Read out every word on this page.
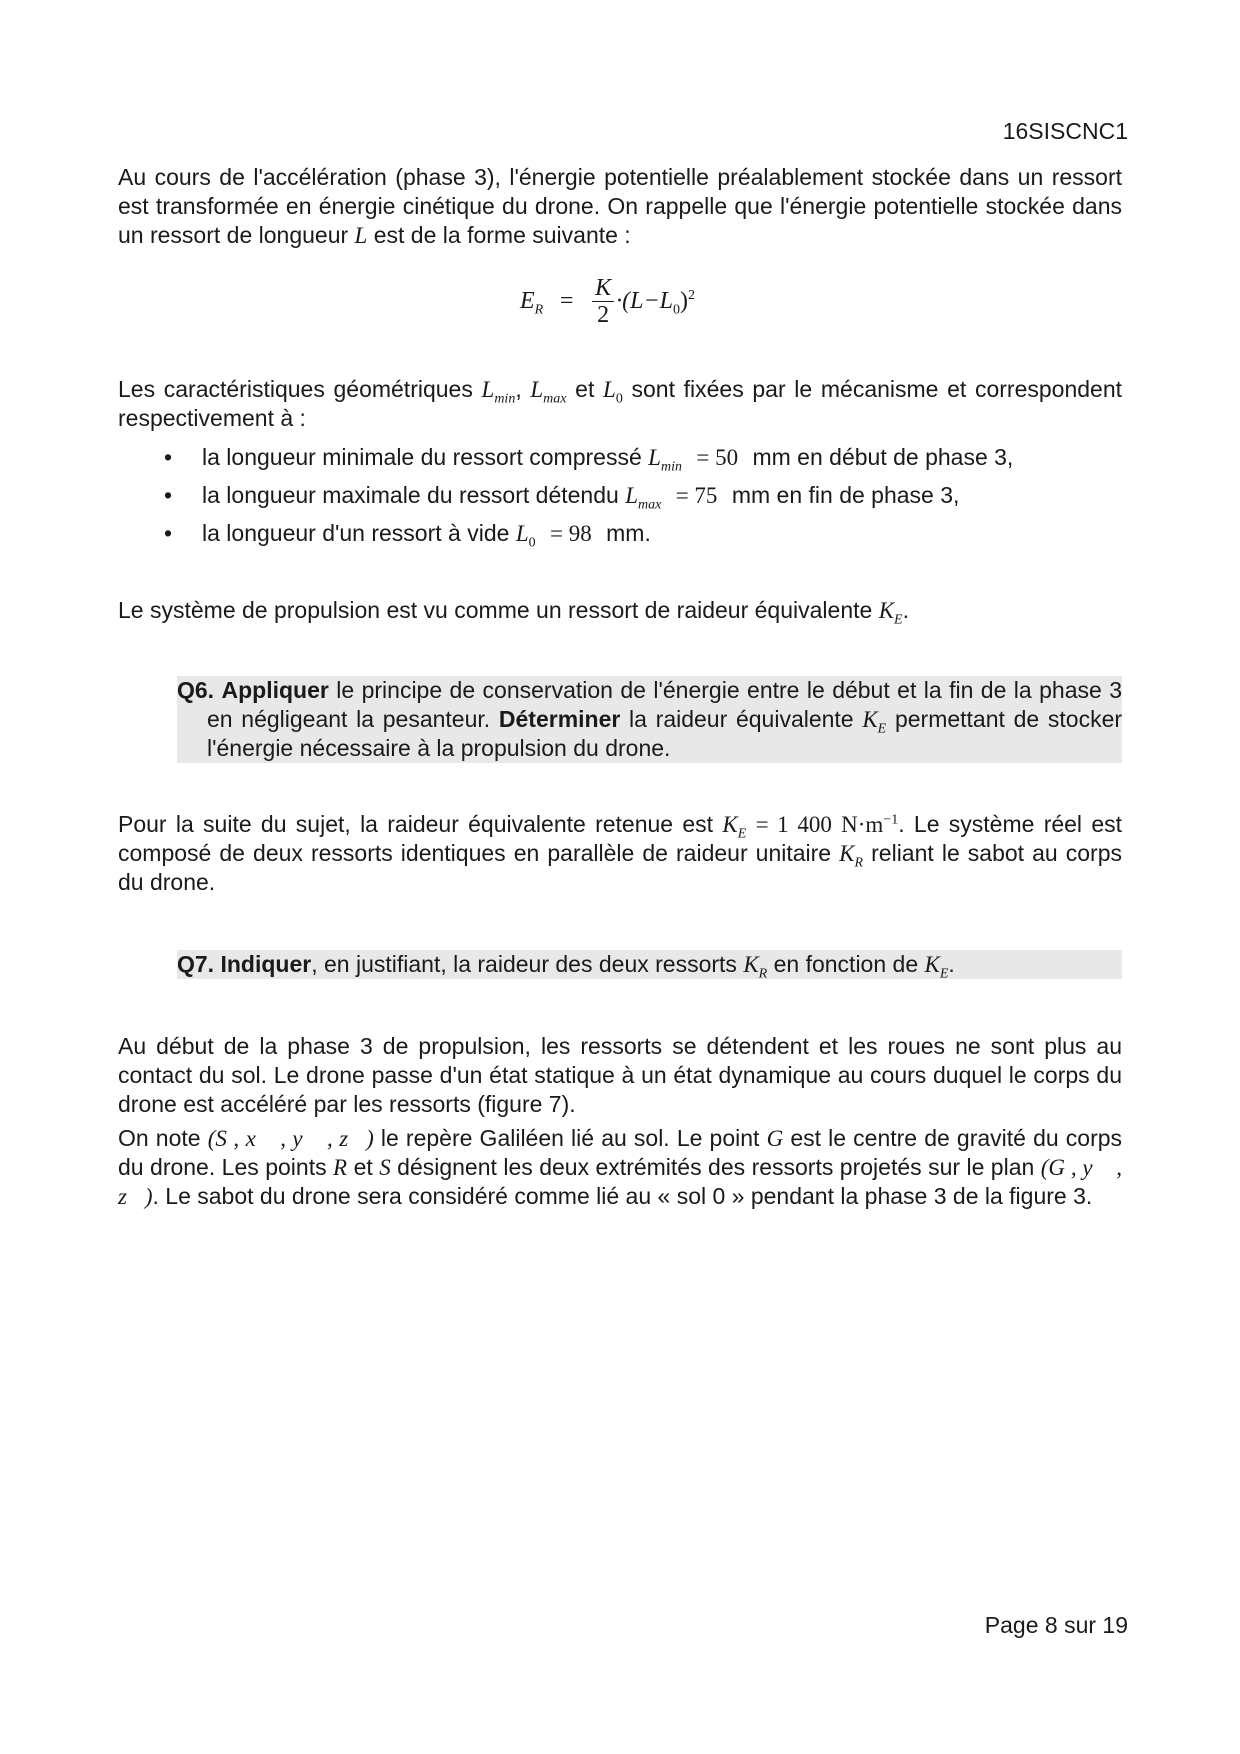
16SISCNC1
Au cours de l'accélération (phase 3), l'énergie potentielle préalablement stockée dans un ressort est transformée en énergie cinétique du drone. On rappelle que l'énergie potentielle stockée dans un ressort de longueur L est de la forme suivante :
$E_R = \frac{K}{2} \cdot(L-L_0)^2$
Les caractéristiques géométriques $L_{min}$, $L_{max}$ et $L_0$ sont fixées par le mécanisme et correspondent respectivement à :
• la longueur minimale du ressort compressé $L_{min} = 50$ mm en début de phase 3,
• la longueur maximale du ressort détendu $L_{max} = 75$ mm en fin de phase 3,
• la longueur d'un ressort à vide $L_0 = 98$ mm.
Le système de propulsion est vu comme un ressort de raideur équivalente $K_E$.
Q6. Appliquer le principe de conservation de l'énergie entre le début et la fin de la phase 3 en négligeant la pesanteur. Déterminer la raideur équivalente $K_E$ permettant de stocker l'énergie nécessaire à la propulsion du drone.
Pour la suite du sujet, la raideur équivalente retenue est $K_E = 1$ 400 $N\cdot m^{-1}$. Le système réel est composé de deux ressorts identiques en parallèle de raideur unitaire $K_R$ reliant le sabot au corps du drone.
Q7. Indiquer, en justifiant, la raideur des deux ressorts $K_R$ en fonction de $K_E$.
Au début de la phase 3 de propulsion, les ressorts se détendent et les roues ne sont plus au contact du sol. Le drone passe d'un état statique à un état dynamique au cours duquel le corps du drone est accéléré par les ressorts (figure 7).
On note (S , x⃗ , y⃗ , z⃗) le repère Galiléen lié au sol. Le point G est le centre de gravité du corps du drone. Les points R et S désignent les deux extrémités des ressorts projetés sur le plan (G , y⃗ , z⃗). Le sabot du drone sera considéré comme lié au « sol 0 » pendant la phase 3 de la figure 3.
Page 8 sur 19
